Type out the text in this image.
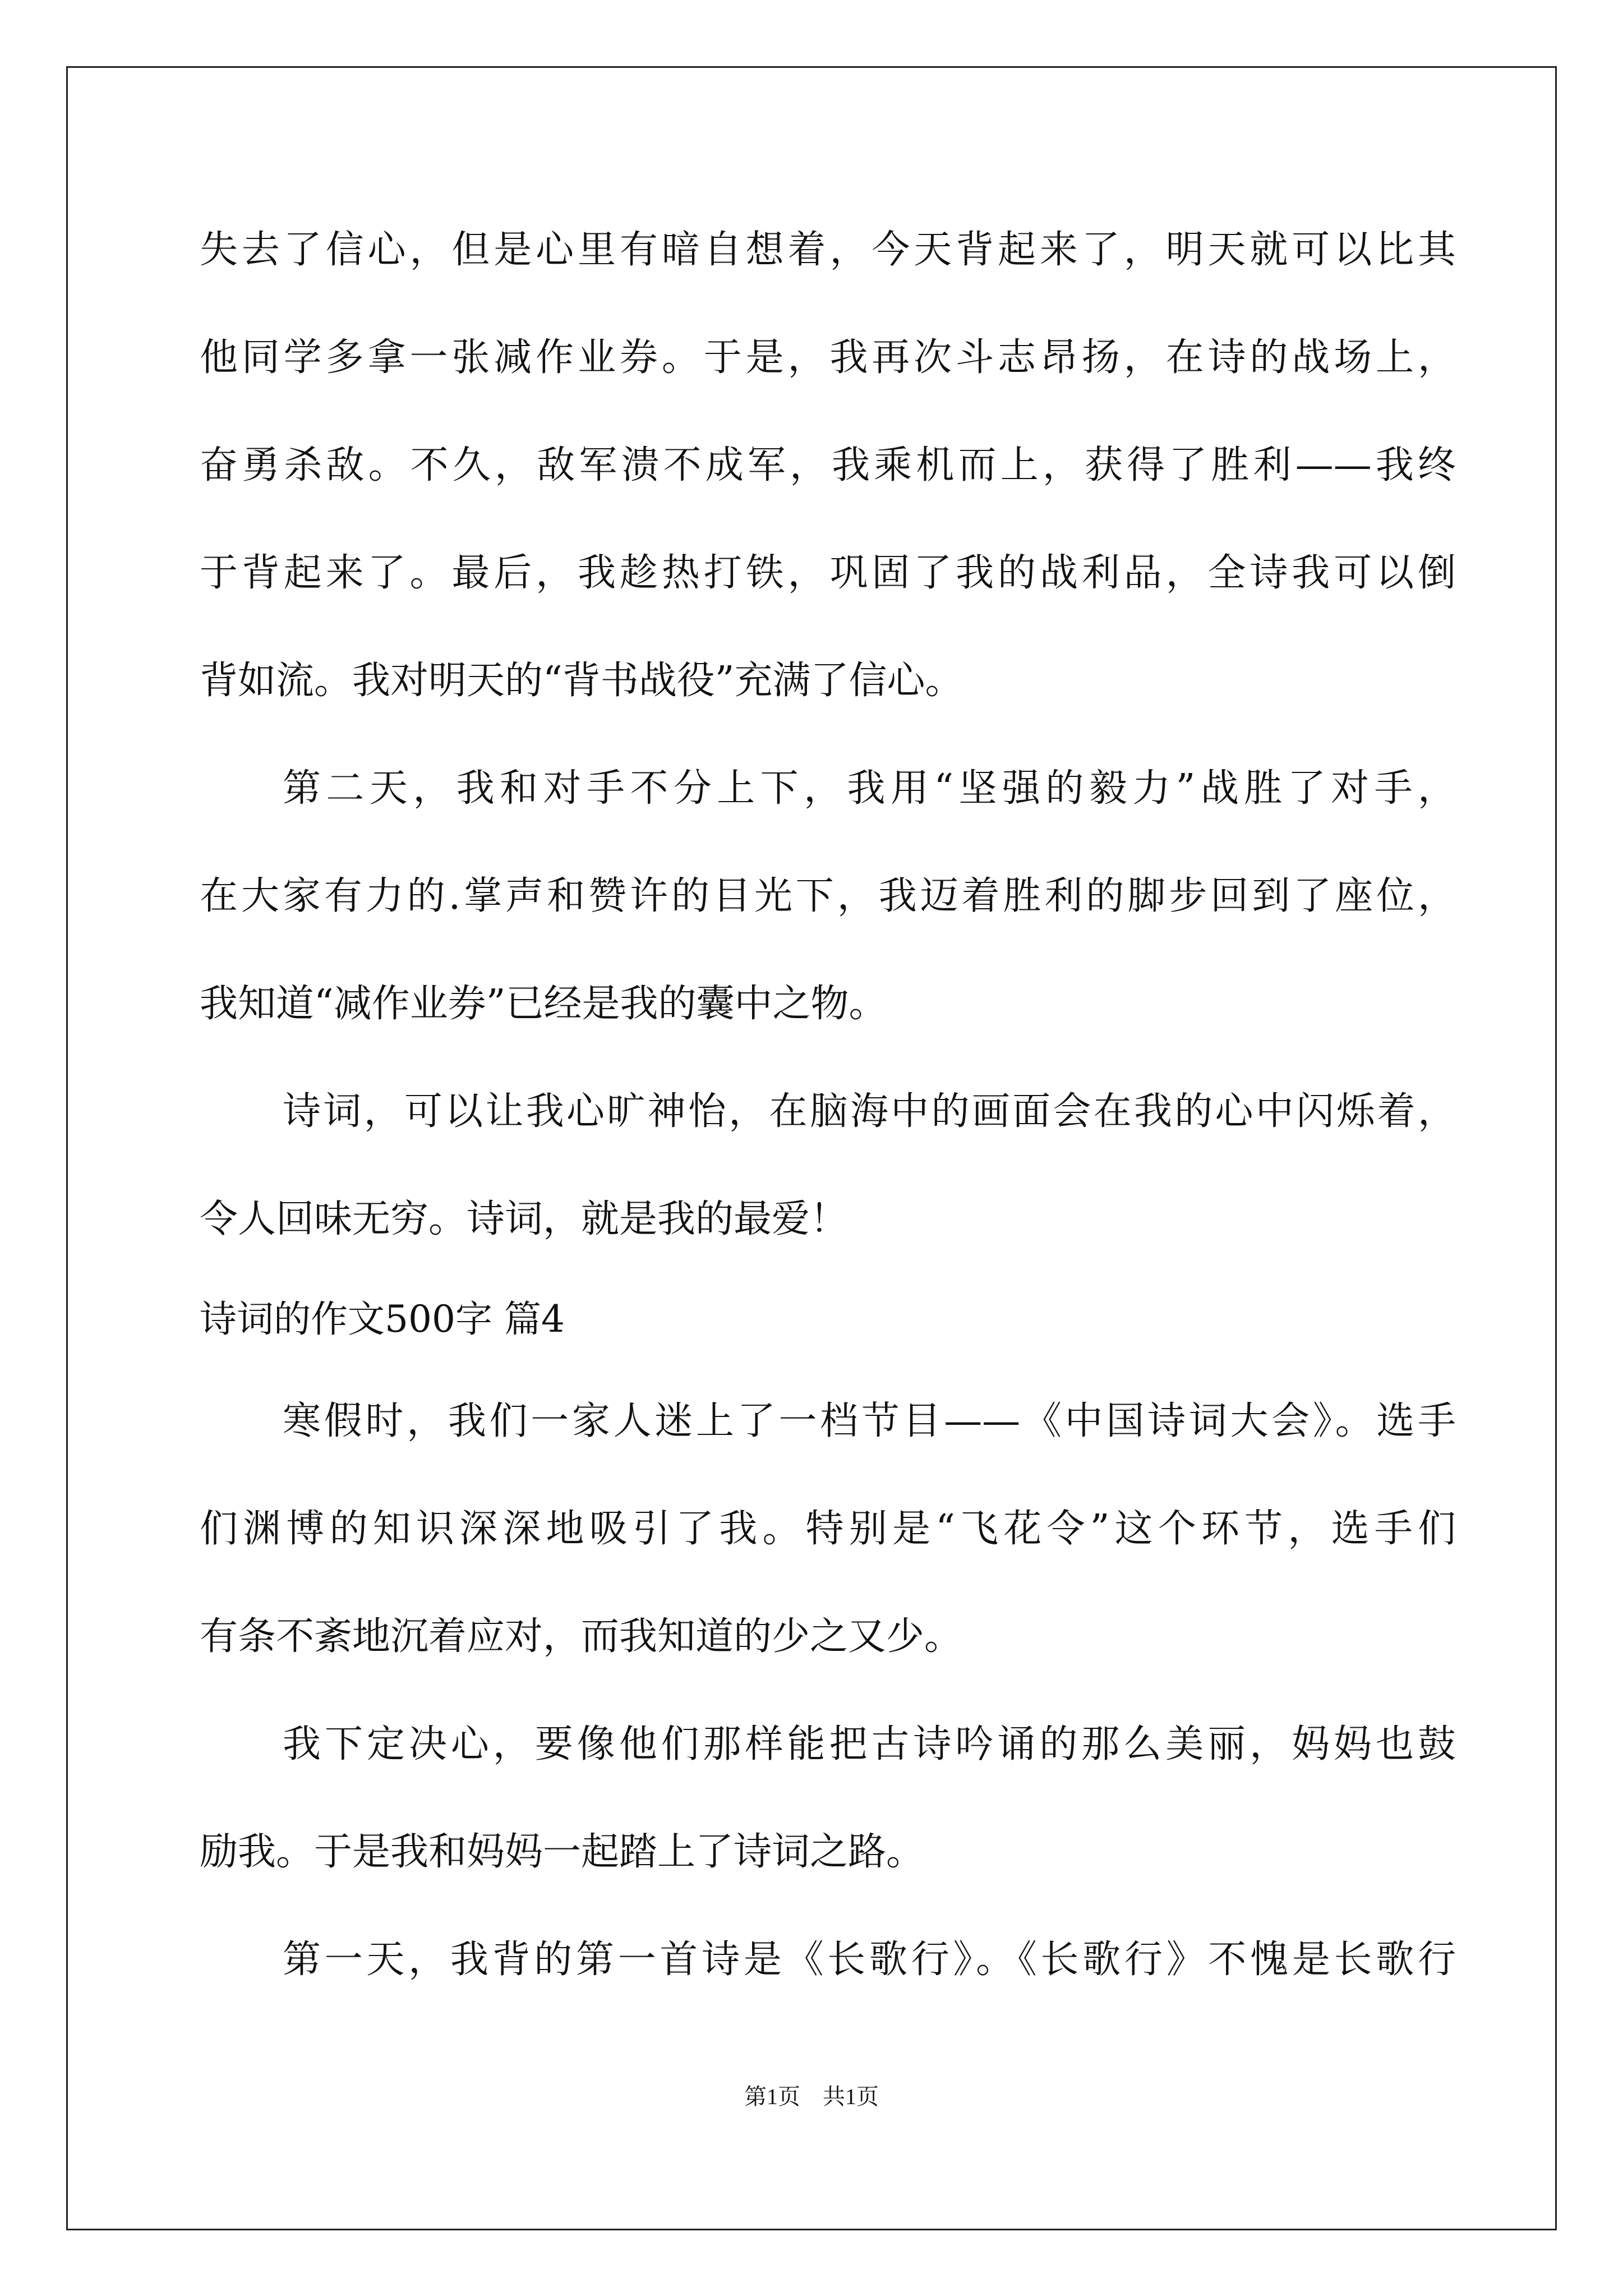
失去了信心，但是心里有暗自想着，今天背起来了，明天就可以比其
他同学多拿一张减作业券。于是，我再次斗志昂扬，在诗的战场上，
奋勇杀敌。不久，敌军溃不成军，我乘机而上，获得了胜利——我终
于背起来了。最后，我趁热打铁，巩固了我的战利品，全诗我可以倒
背如流。我对明天的“背书战役”充满了信心。
第二天，我和对手不分上下，我用“坚强的毅力”战胜了对手，
在大家有力的.掌声和赞许的目光下，我迈着胜利的脚步回到了座位，
我知道“减作业券”已经是我的囊中之物。
诗词，可以让我心旷神怡，在脑海中的画面会在我的心中闪烁着，
令人回味无穷。诗词，就是我的最爱！
诗词的作文500字 篇4
寒假时，我们一家人迷上了一档节目——《中国诗词大会》。选手
们渊博的知识深深地吸引了我。特别是“飞花令”这个环节，选手们
有条不紊地沉着应对，而我知道的少之又少。
我下定决心，要像他们那样能把古诗吟诵的那么美丽，妈妈也鼓
励我。于是我和妈妈一起踏上了诗词之路。
第一天，我背的第一首诗是《长歌行》。《长歌行》不愧是长歌行
第1页　共1页
